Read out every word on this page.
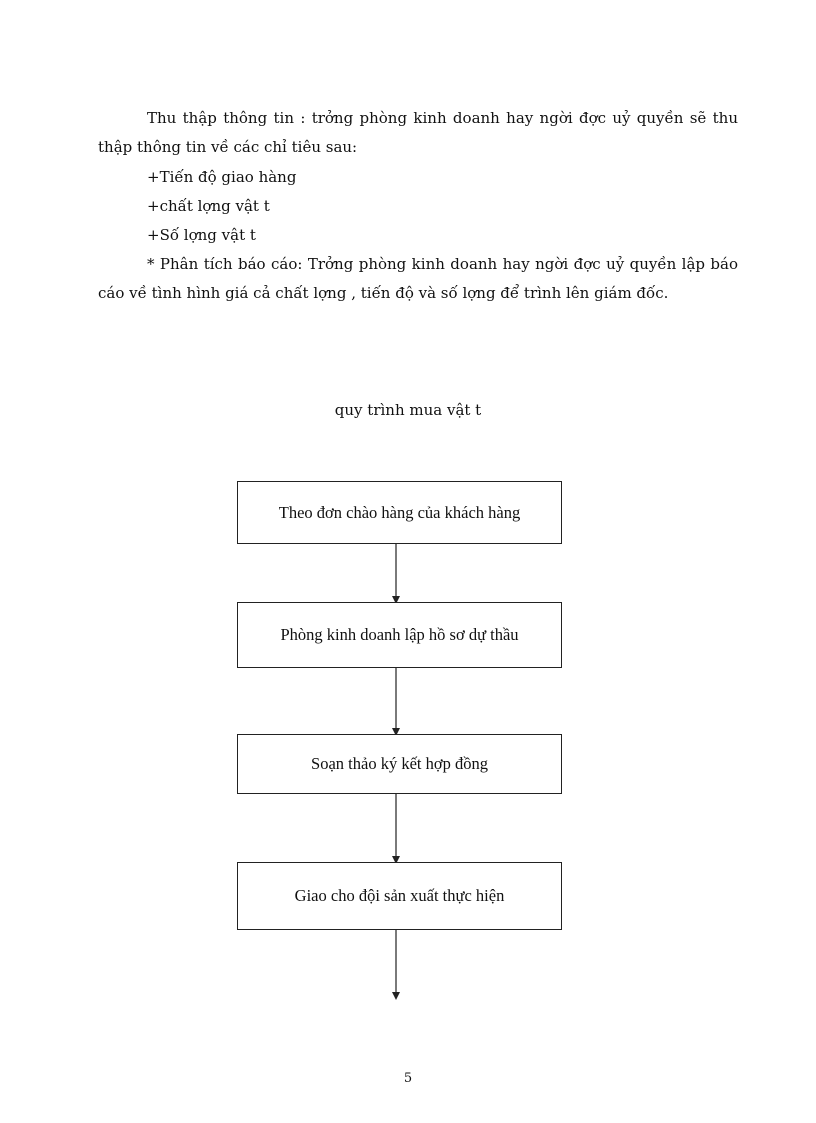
Thu thập thông tin : trởng phòng kinh doanh hay ngời đợc uỷ quyền sẽ thu thập thông tin về các chỉ tiêu sau:

+Tiến độ giao hàng

+chất lợng vật t

+Số lợng vật t

* Phân tích báo cáo: Trởng phòng kinh doanh hay ngời đợc uỷ quyền lập báo cáo về tình hình giá cả chất lợng , tiến độ và số lợng để trình lên giám đốc.

quy trình mua vật t
Theo đơn chào hàng của khách hàng
Phòng kinh doanh lập hồ sơ dự thầu
Soạn thảo ký kết hợp đồng
Giao cho đội sản xuất thực hiện
5
